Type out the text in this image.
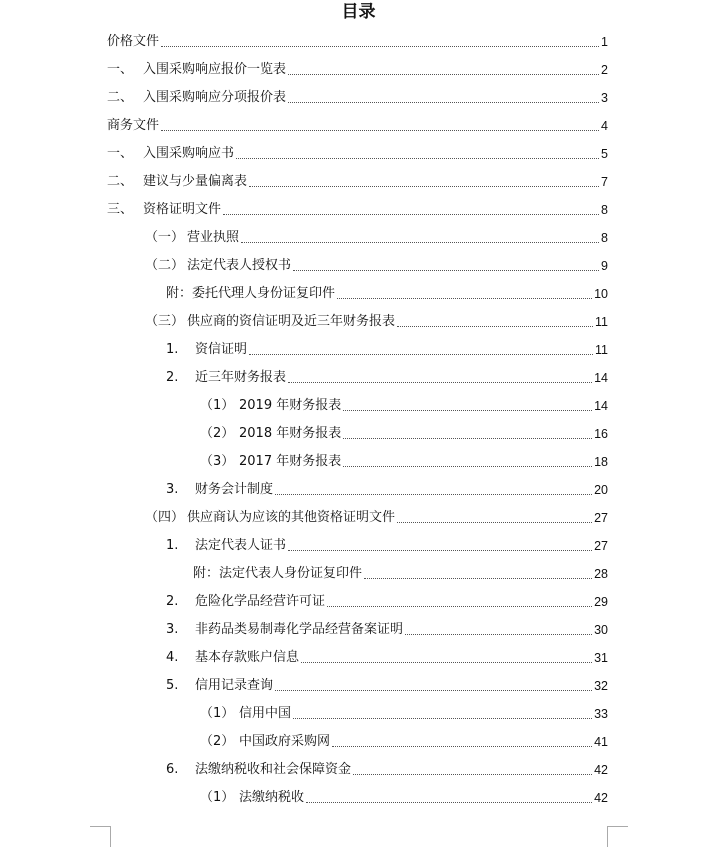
目录
价格文件	1
一、 入围采购响应报价一览表	2
二、 入围采购响应分项报价表	3
商务文件	4
一、 入围采购响应书	5
二、 建议与少量偏离表	7
三、 资格证明文件	8
（一） 营业执照	8
（二） 法定代表人授权书	9
附：委托代理人身份证复印件	10
（三） 供应商的资信证明及近三年财务报表	11
1. 资信证明	11
2. 近三年财务报表	14
（1） 2019 年财务报表	14
（2） 2018 年财务报表	16
（3） 2017 年财务报表	18
3. 财务会计制度	20
（四） 供应商认为应该的其他资格证明文件	27
1. 法定代表人证书	27
附：法定代表人身份证复印件	28
2. 危险化学品经营许可证	29
3. 非药品类易制毒化学品经营备案证明	30
4. 基本存款账户信息	31
5. 信用记录查询	32
（1） 信用中国	33
（2） 中国政府采购网	41
6. 法缴纳税收和社会保障资金	42
（1） 法缴纳税收	42
